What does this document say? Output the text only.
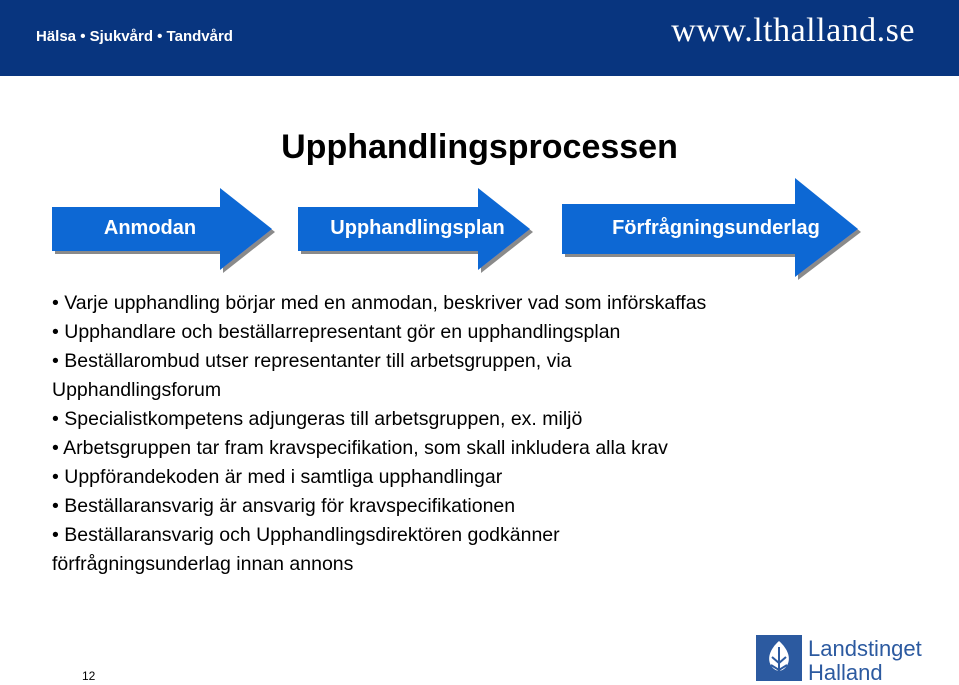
Hälsa • Sjukvård • Tandvård	www.lthalland.se
Upphandlingsprocessen
Anmodan	Upphandlingsplan	Förfrågningsunderlag
• Varje upphandling börjar med en anmodan, beskriver vad som införskaffas
• Upphandlare och beställarrepresentant gör en upphandlingsplan
• Beställarombud utser representanter till arbetsgruppen, via
Upphandlingsforum
• Specialistkompetens adjungeras till arbetsgruppen, ex. miljö
• Arbetsgruppen tar fram kravspecifikation, som skall inkludera alla krav
• Uppförandekoden är med i samtliga upphandlingar
• Beställaransvarig är ansvarig för kravspecifikationen
• Beställaransvarig och Upphandlingsdirektören godkänner
förfrågningsunderlag innan annons
12
Landstinget
Halland
